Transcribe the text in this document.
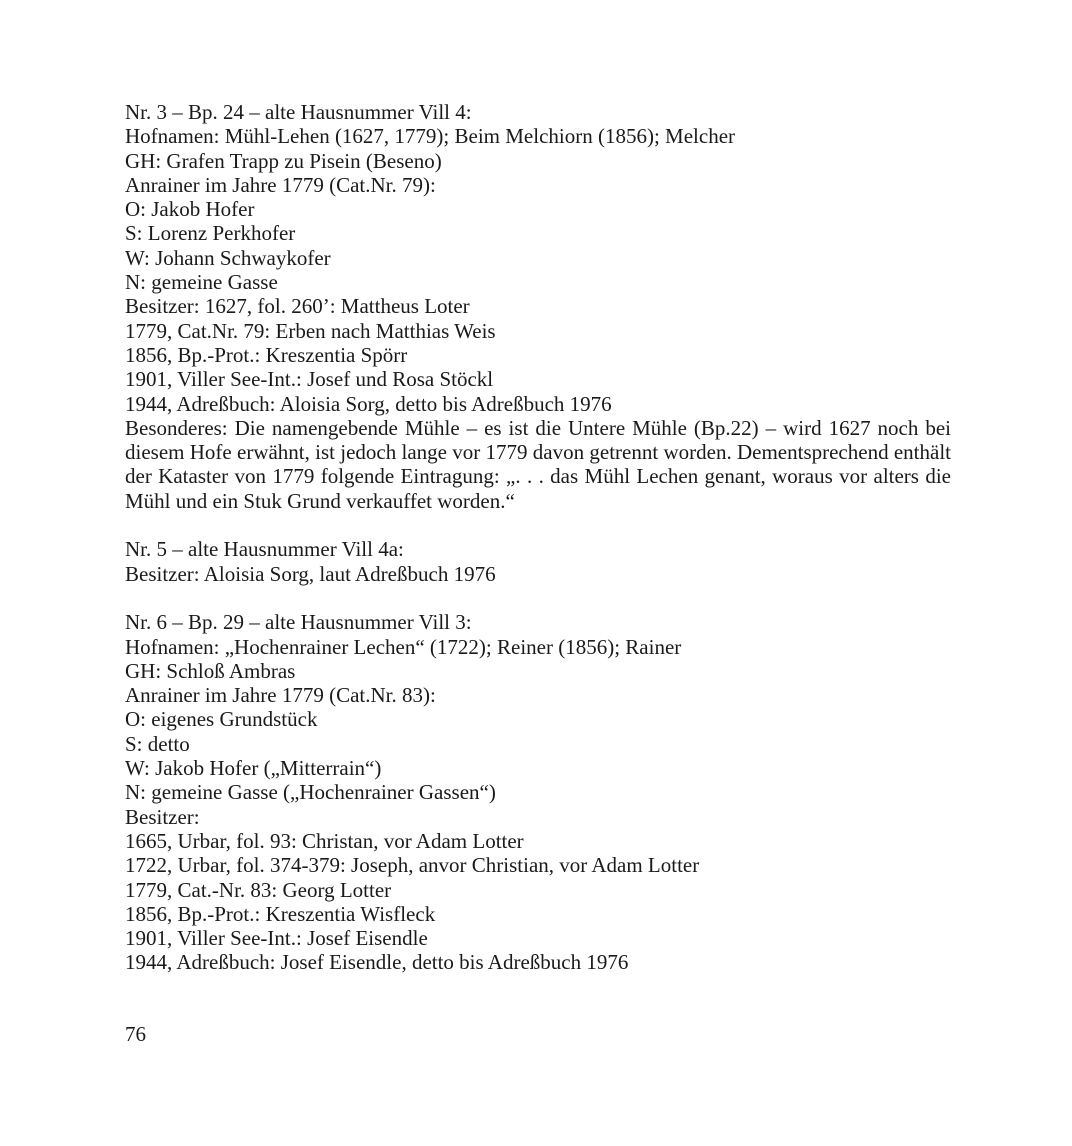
Nr. 3 – Bp. 24 – alte Hausnummer Vill 4:
Hofnamen: Mühl-Lehen (1627, 1779); Beim Melchiorn (1856); Melcher
GH: Grafen Trapp zu Pisein (Beseno)
Anrainer im Jahre 1779 (Cat.Nr. 79):
O: Jakob Hofer
S: Lorenz Perkhofer
W: Johann Schwaykofer
N: gemeine Gasse
Besitzer: 1627, fol. 260’: Mattheus Loter
1779, Cat.Nr. 79: Erben nach Matthias Weis
1856, Bp.-Prot.: Kreszentia Spörr
1901, Viller See-Int.: Josef und Rosa Stöckl
1944, Adreßbuch: Aloisia Sorg, detto bis Adreßbuch 1976
Besonderes: Die namengebende Mühle – es ist die Untere Mühle (Bp.22) – wird 1627 noch bei diesem Hofe erwähnt, ist jedoch lange vor 1779 davon getrennt worden. Dementsprechend enthält der Kataster von 1779 folgende Eintragung: „. . . das Mühl Lechen genant, woraus vor alters die Mühl und ein Stuk Grund verkauffet worden.“
Nr. 5 – alte Hausnummer Vill 4a:
Besitzer: Aloisia Sorg, laut Adreßbuch 1976
Nr. 6 – Bp. 29 – alte Hausnummer Vill 3:
Hofnamen: „Hochenrainer Lechen“ (1722); Reiner (1856); Rainer
GH: Schloß Ambras
Anrainer im Jahre 1779 (Cat.Nr. 83):
O: eigenes Grundstück
S: detto
W: Jakob Hofer („Mitterrain“)
N: gemeine Gasse („Hochenrainer Gassen“)
Besitzer:
1665, Urbar, fol. 93: Christan, vor Adam Lotter
1722, Urbar, fol. 374-379: Joseph, anvor Christian, vor Adam Lotter
1779, Cat.-Nr. 83: Georg Lotter
1856, Bp.-Prot.: Kreszentia Wisfleck
1901, Viller See-Int.: Josef Eisendle
1944, Adreßbuch: Josef Eisendle, detto bis Adreßbuch 1976
76
